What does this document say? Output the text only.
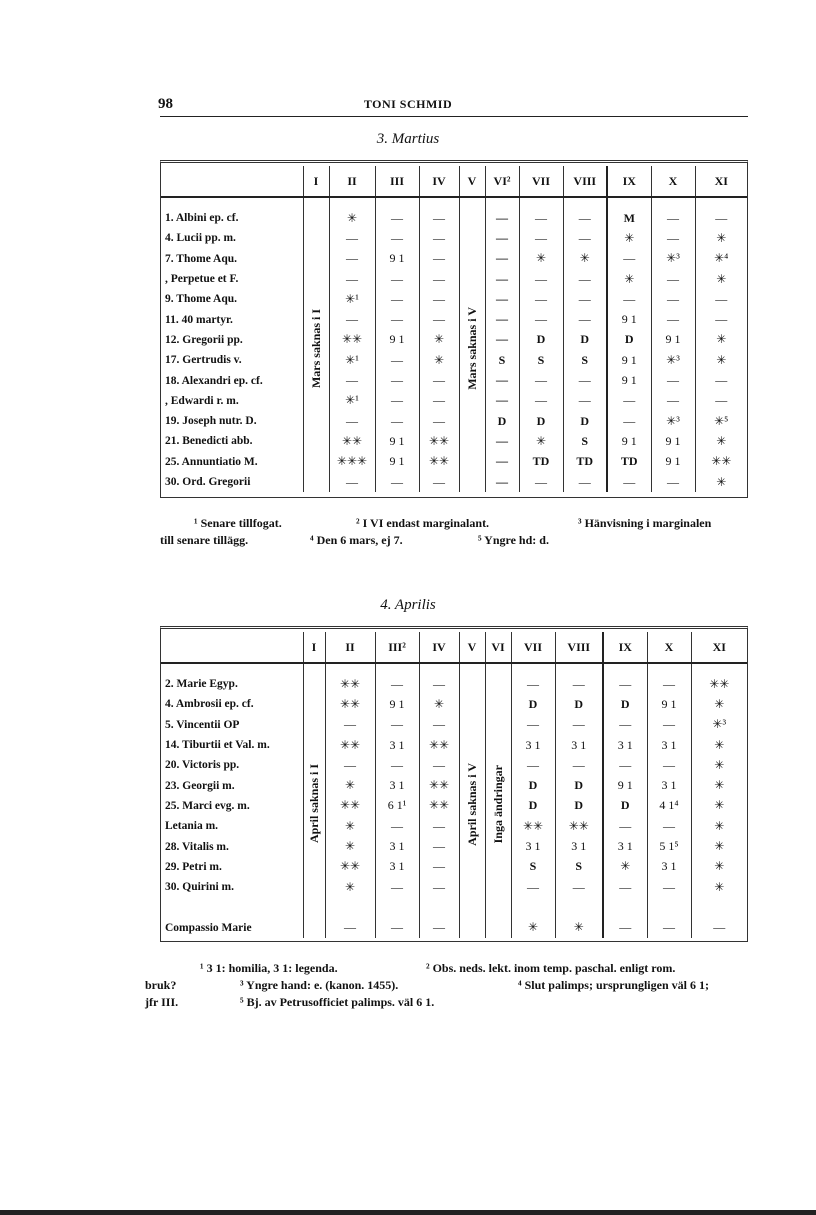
98	TONI SCHMID
3. Martius
	I	II	III	IV	V	VI²	VII	VIII	IX	X	XI

1. Albini ep. cf.	Mars saknas i I	✳	—	—	Mars saknas i V	—	—	—	M	—	—
4. Lucii pp. m.		—	—	—		—	—	—	✳	—	✳
7. Thome Aqu.		—	9 1	—		—	✳	✳	—	✳³	✳⁴
, Perpetue et F.		—	—	—		—	—	—	✳	—	✳
9. Thome Aqu.		✳¹	—	—		—	—	—	—	—	—
11. 40 martyr.		—	—	—		—	—	—	9 1	—	—
12. Gregorii pp.		✳✳	9 1	✳		—	D	D	D	9 1	✳
17. Gertrudis v.		✳¹	—	✳		S	S	S	9 1	✳³	✳
18. Alexandri ep. cf.		—	—	—		—	—	—	9 1	—	—
, Edwardi r. m.		✳¹	—	—		—	—	—	—	—	—
19. Joseph nutr. D.		—	—	—		D	D	D	—	✳³	✳⁵
21. Benedicti abb.		✳✳	9 1	✳✳		—	✳	S	9 1	9 1	✳
25. Annuntiatio M.		✳✳✳	9 1	✳✳		—	TD	TD	TD	9 1	✳✳
30. Ord. Gregorii		—	—	—		—	—	—	—	—	✳
¹ Senare tillfogat.	² I VI endast marginalant.	³ Hänvisning i marginalen
till senare tillägg.	⁴ Den 6 mars, ej 7.	⁵ Yngre hd: d.
4. Aprilis
	I	II	III²	IV	V	VI	VII	VIII	IX	X	XI

2. Marie Egyp.	April saknas i I	✳✳	—	—	April saknas i V	Inga ändringar	—	—	—	—	✳✳
4. Ambrosii ep. cf.		✳✳	9 1	✳			D	D	D	9 1	✳
5. Vincentii OP		—	—	—			—	—	—	—	✳³
14. Tiburtii et Val. m.		✳✳	3 1	✳✳			3 1	3 1	3 1	3 1	✳
20. Victoris pp.		—	—	—			—	—	—	—	✳
23. Georgii m.		✳	3 1	✳✳			D	D	9 1	3 1	✳
25. Marci evg. m.		✳✳	6 1¹	✳✳			D	D	D	4 1⁴	✳
Letania m.		✳	—	—			✳✳	✳✳	—	—	✳
28. Vitalis m.		✳	3 1	—			3 1	3 1	3 1	5 1⁵	✳
29. Petri m.		✳✳	3 1	—			S	S	✳	3 1	✳
30. Quirini m.		✳	—	—			—	—	—	—	✳

Compassio Marie		—	—	—			✳	✳	—	—	—
¹ 3 1: homilia, 3 1: legenda.	² Obs. neds. lekt. inom temp. paschal. enligt rom.
bruk?	³ Yngre hand: e. (kanon. 1455).	⁴ Slut palimps; ursprungligen väl 6 1;
jfr III.	⁵ Bj. av Petrusofficiet palimps. väl 6 1.
